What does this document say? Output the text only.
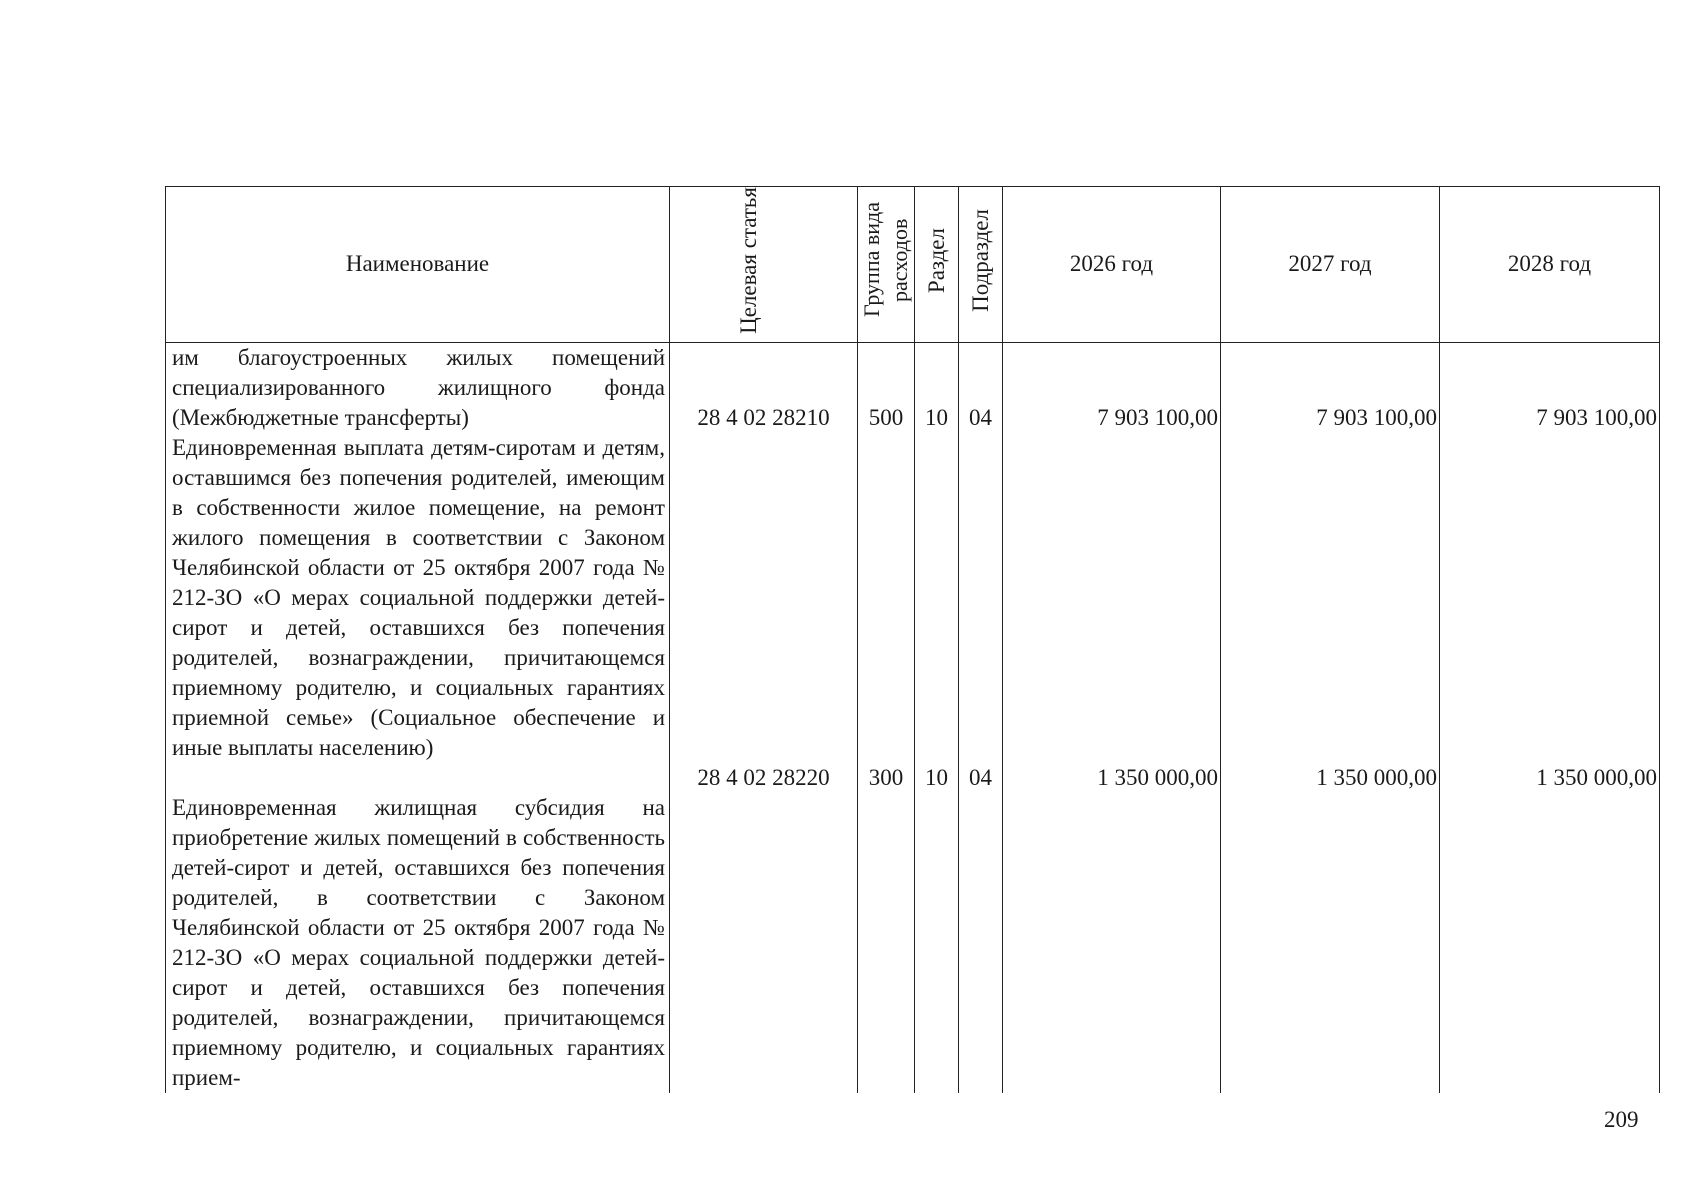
Наименование	Целевая статья	Группа вида расходов	Раздел	Подраздел	2026 год	2027 год	2028 год

им благоустроенных жилых помещений специализированного жилищного фонда (Межбюджетные трансферты)	28 4 02 28210	500	10	04	7 903 100,00	7 903 100,00	7 903 100,00

Единовременная выплата детям-сиротам и детям, оставшимся без попечения родителей, имеющим в собственности жилое помещение, на ремонт жилого помещения в соответствии с Законом Челябинской области от 25 октября 2007 года № 212-ЗО «О мерах социальной поддержки детей-сирот и детей, оставшихся без попечения родителей, вознаграждении, причитающемся приемному родителю, и социальных гарантиях приемной семье» (Социальное обеспечение и иные выплаты населению)	28 4 02 28220	300	10	04	1 350 000,00	1 350 000,00	1 350 000,00

Единовременная жилищная субсидия на приобретение жилых помещений в собственность детей-сирот и детей, оставшихся без попечения родителей, в соответствии с Законом Челябинской области от 25 октября 2007 года № 212-ЗО «О мерах социальной поддержки детей-сирот и детей, оставшихся без попечения родителей, вознаграждении, причитающемся приемному родителю, и социальных гарантиях прием-							

209
